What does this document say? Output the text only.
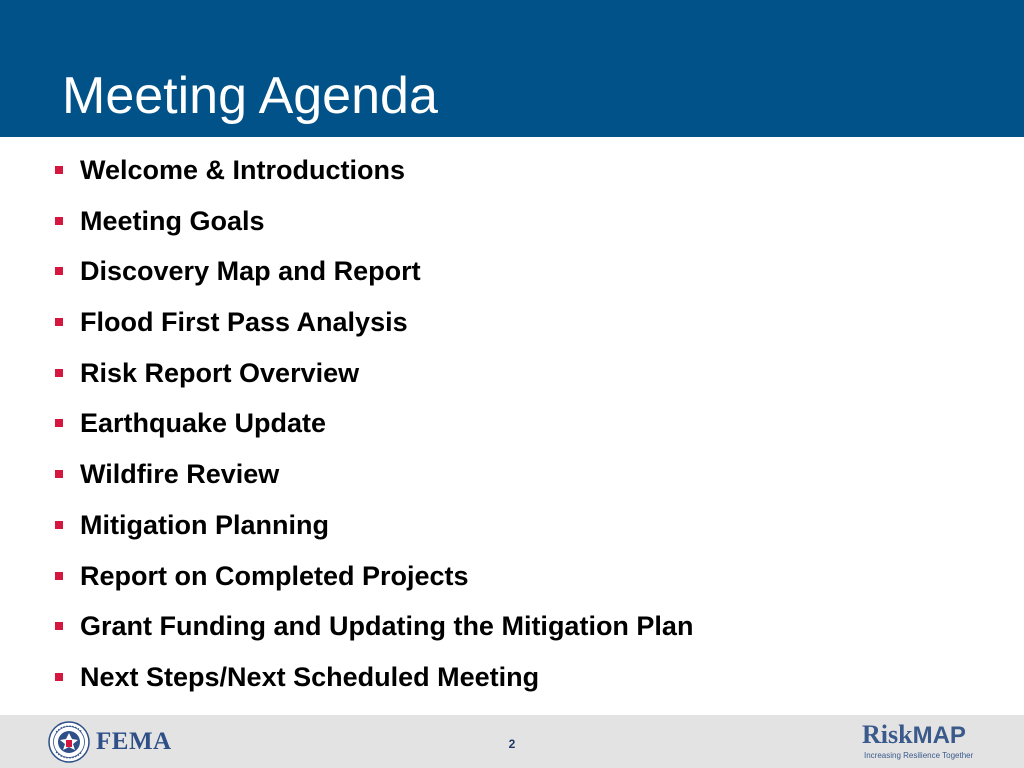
Meeting Agenda
Welcome & Introductions
Meeting Goals
Discovery Map and Report
Flood First Pass Analysis
Risk Report Overview
Earthquake Update
Wildfire Review
Mitigation Planning
Report on Completed Projects
Grant Funding and Updating the Mitigation Plan
Next Steps/Next Scheduled Meeting
FEMA	2	RiskMAP
Increasing Resilience Together
